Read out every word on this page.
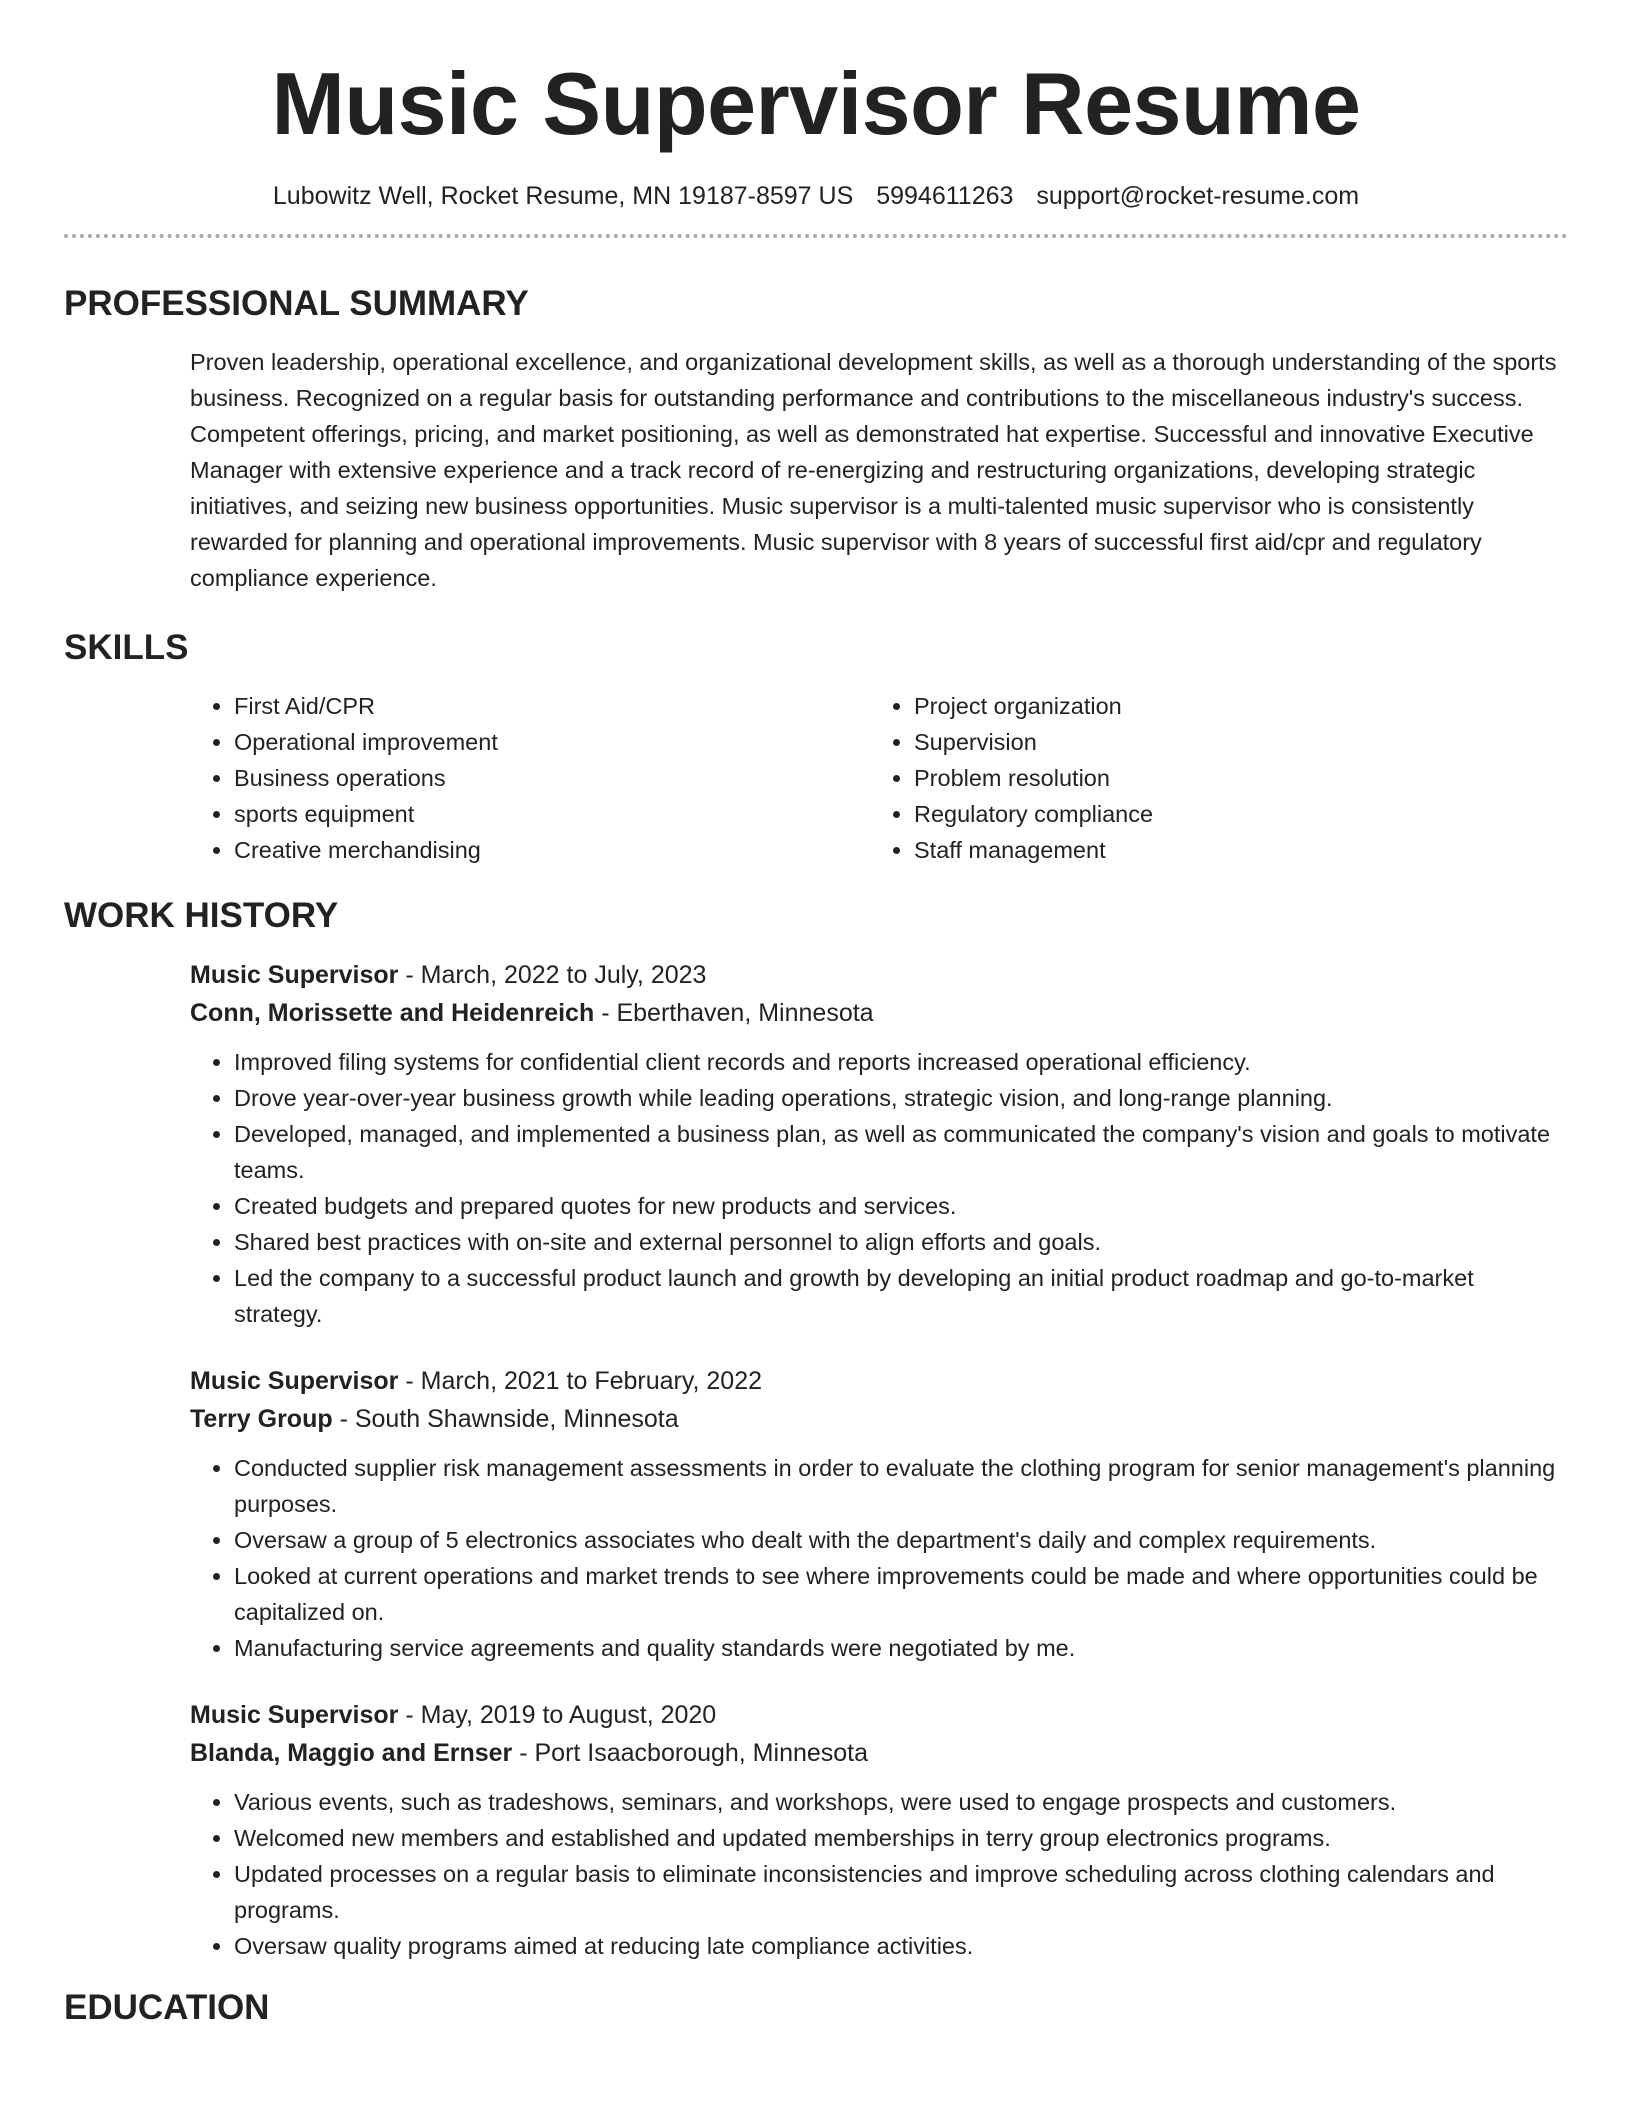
Music Supervisor Resume
Lubowitz Well, Rocket Resume, MN 19187-8597 US 5994611263 support@rocket-resume.com
PROFESSIONAL SUMMARY
Proven leadership, operational excellence, and organizational development skills, as well as a thorough understanding of the sports business. Recognized on a regular basis for outstanding performance and contributions to the miscellaneous industry's success. Competent offerings, pricing, and market positioning, as well as demonstrated hat expertise. Successful and innovative Executive Manager with extensive experience and a track record of re-energizing and restructuring organizations, developing strategic initiatives, and seizing new business opportunities. Music supervisor is a multi-talented music supervisor who is consistently rewarded for planning and operational improvements. Music supervisor with 8 years of successful first aid/cpr and regulatory compliance experience.
SKILLS
• First Aid/CPR
• Operational improvement
• Business operations
• sports equipment
• Creative merchandising
• Project organization
• Supervision
• Problem resolution
• Regulatory compliance
• Staff management
WORK HISTORY
Music Supervisor - March, 2022 to July, 2023
Conn, Morissette and Heidenreich - Eberthaven, Minnesota
• Improved filing systems for confidential client records and reports increased operational efficiency.
• Drove year-over-year business growth while leading operations, strategic vision, and long-range planning.
• Developed, managed, and implemented a business plan, as well as communicated the company's vision and goals to motivate teams.
• Created budgets and prepared quotes for new products and services.
• Shared best practices with on-site and external personnel to align efforts and goals.
• Led the company to a successful product launch and growth by developing an initial product roadmap and go-to-market strategy.
Music Supervisor - March, 2021 to February, 2022
Terry Group - South Shawnside, Minnesota
• Conducted supplier risk management assessments in order to evaluate the clothing program for senior management's planning purposes.
• Oversaw a group of 5 electronics associates who dealt with the department's daily and complex requirements.
• Looked at current operations and market trends to see where improvements could be made and where opportunities could be capitalized on.
• Manufacturing service agreements and quality standards were negotiated by me.
Music Supervisor - May, 2019 to August, 2020
Blanda, Maggio and Ernser - Port Isaacborough, Minnesota
• Various events, such as tradeshows, seminars, and workshops, were used to engage prospects and customers.
• Welcomed new members and established and updated memberships in terry group electronics programs.
• Updated processes on a regular basis to eliminate inconsistencies and improve scheduling across clothing calendars and programs.
• Oversaw quality programs aimed at reducing late compliance activities.
EDUCATION
